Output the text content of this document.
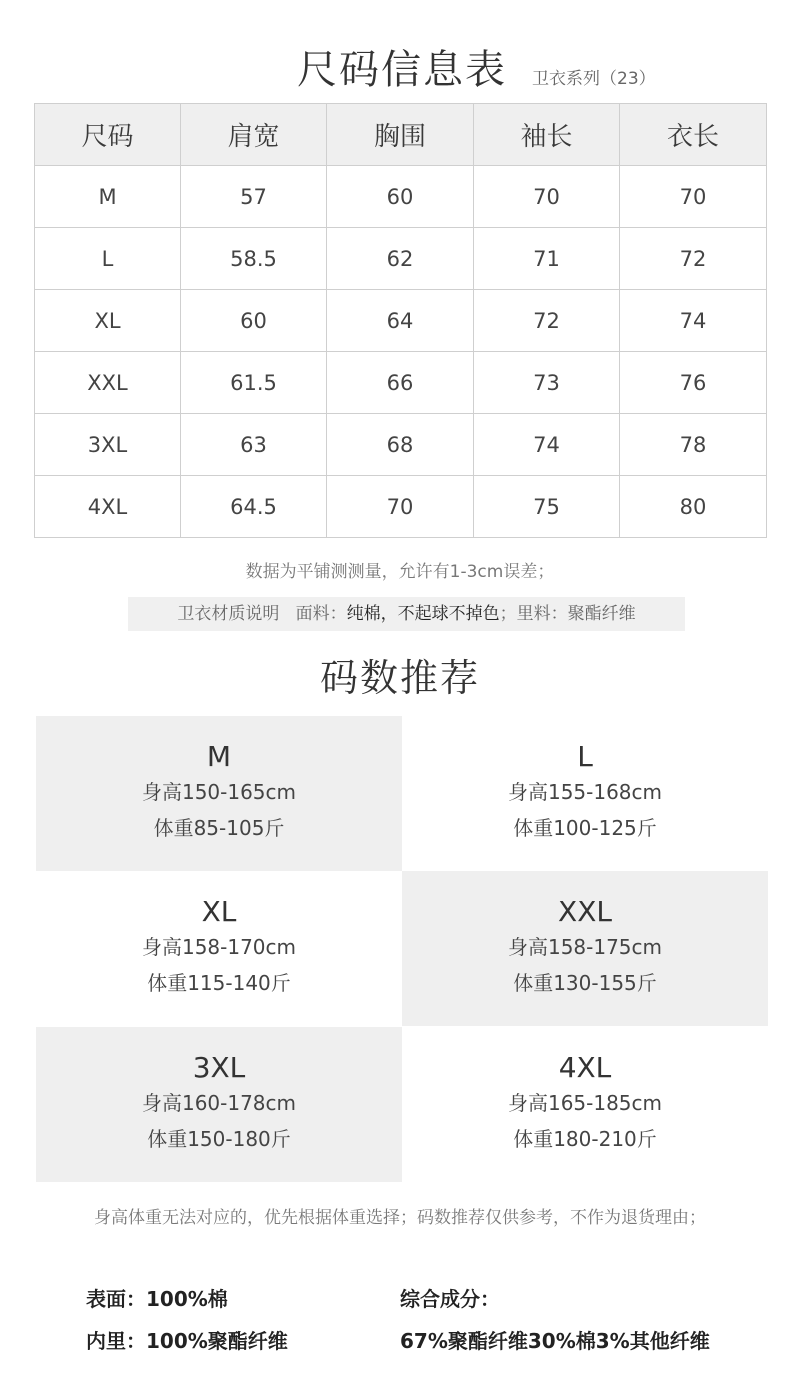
尺码信息表 卫衣系列（23）
尺码	肩宽	胸围	袖长	衣长
M	57	60	70	70
L	58.5	62	71	72
XL	60	64	72	74
XXL	61.5	66	73	76
3XL	63	68	74	78
4XL	64.5	70	75	80
数据为平铺测测量，允许有1-3cm误差；
卫衣材质说明 面料：纯棉，不起球不掉色；里料：聚酯纤维
码数推荐
M
身高150-165cm
体重85-105斤
L
身高155-168cm
体重100-125斤
XL
身高158-170cm
体重115-140斤
XXL
身高158-175cm
体重130-155斤
3XL
身高160-178cm
体重150-180斤
4XL
身高165-185cm
体重180-210斤
身高体重无法对应的，优先根据体重选择；码数推荐仅供参考，不作为退货理由；
表面：100%棉
内里：100%聚酯纤维
综合成分：
67%聚酯纤维30%棉3%其他纤维
